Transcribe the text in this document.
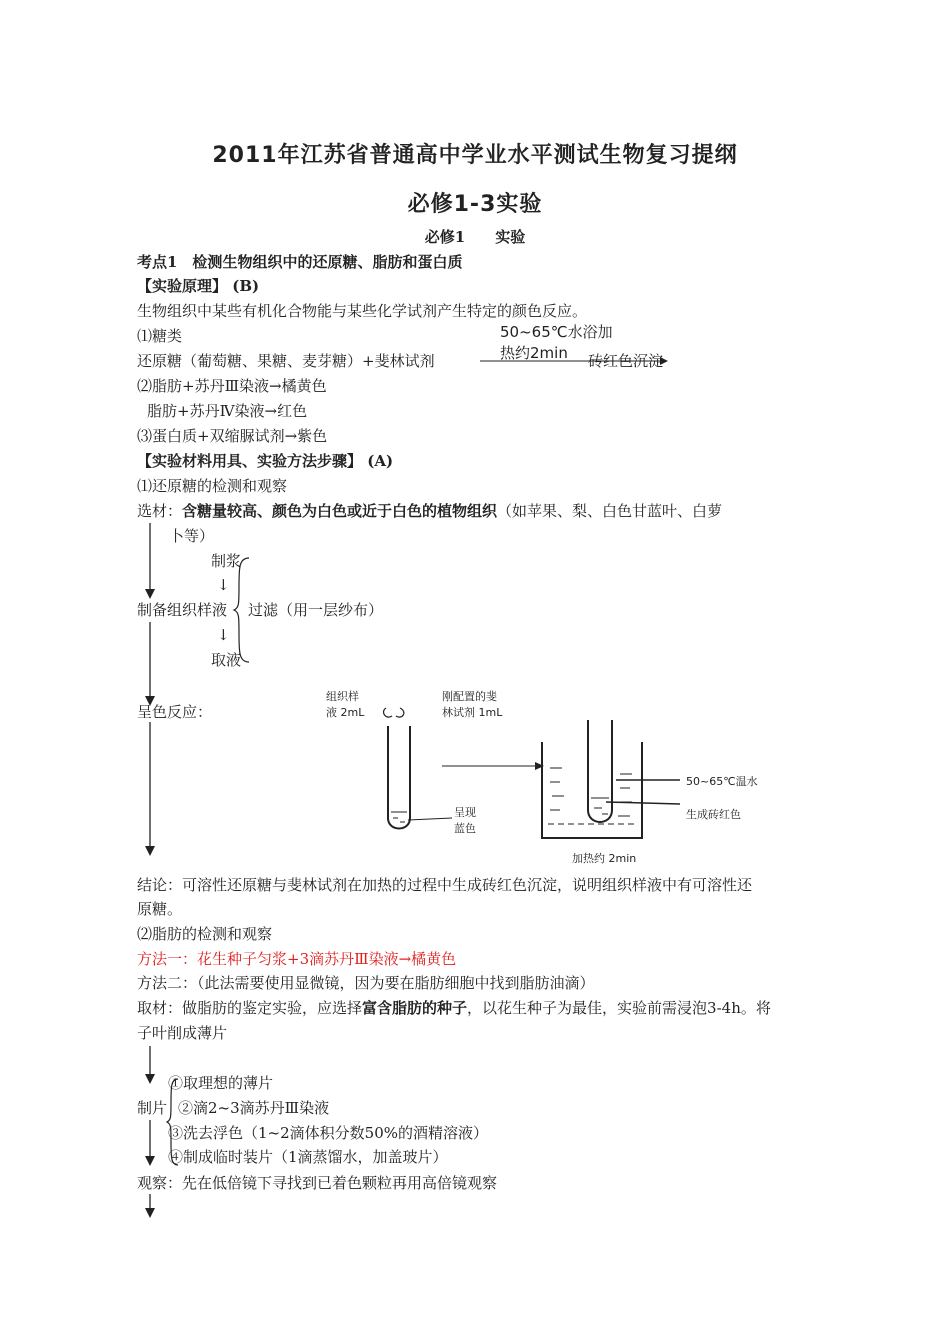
2011年江苏省普通高中学业水平测试生物复习提纲
必修1-3实验
必修1　　实验
考点1　检测生物组织中的还原糖、脂肪和蛋白质
【实验原理】 (B)
生物组织中某些有机化合物能与某些化学试剂产生特定的颜色反应。
⑴糖类	50~65℃水浴加
热约2min
还原糖（葡萄糖、果糖、麦芽糖）+斐林试剂	砖红色沉淀
⑵脂肪+苏丹Ⅲ染液→橘黄色
脂肪+苏丹Ⅳ染液→红色
⑶蛋白质+双缩脲试剂→紫色
【实验材料用具、实验方法步骤】 (A)
⑴还原糖的检测和观察
选材：含糖量较高、颜色为白色或近于白色的植物组织（如苹果、梨、白色甘蓝叶、白萝
卜等）
制浆
↓
制备组织样液 过滤（用一层纱布）
↓
取液
呈色反应：
组织样
液 2mL
刚配置的斐
林试剂 1mL
呈现
蓝色
50~65℃温水
生成砖红色
加热约 2min
结论：可溶性还原糖与斐林试剂在加热的过程中生成砖红色沉淀，说明组织样液中有可溶性还
原糖。
⑵脂肪的检测和观察
方法一：花生种子匀浆+3滴苏丹Ⅲ染液→橘黄色
方法二：（此法需要使用显微镜，因为要在脂肪细胞中找到脂肪油滴）
取材：做脂肪的鉴定实验，应选择富含脂肪的种子，以花生种子为最佳，实验前需浸泡3-4h。将
子叶削成薄片
①取理想的薄片
制片 ②滴2~3滴苏丹Ⅲ染液
③洗去浮色（1~2滴体积分数50%的酒精溶液）
④制成临时装片（1滴蒸馏水，加盖玻片）
观察：先在低倍镜下寻找到已着色颗粒再用高倍镜观察
